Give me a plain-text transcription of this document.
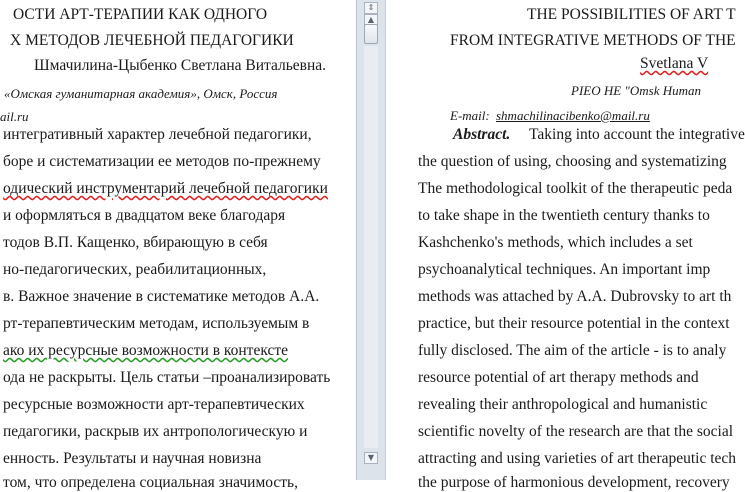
ОСТИ АРТ-ТЕРАПИИ КАК ОДНОГО
Х МЕТОДОВ ЛЕЧЕБНОЙ ПЕДАГОГИКИ
Шмачилина-Цыбенко Светлана Витальевна.
«Омская гуманитарная академия», Омск, Россия
ail.ru
интегративный характер лечебной педагогики,
боре и систематизации ее методов по-прежнему
одический инструментарий лечебной педагогики
и оформляться в двадцатом веке благодаря
тодов В.П. Кащенко, вбирающую в себя
но-педагогических, реабилитационных,
в. Важное значение в систематике методов А.А.
рт-терапевтическим методам, используемым в
ако их ресурсные возможности в контексте
ода не раскрыты. Цель статьи –проанализировать
ресурсные возможности арт-терапевтических
педагогики, раскрыв их антропологическую и
енность. Результаты и научная новизна
том, что определена социальная значимость,
⇕
▲
▼
THE POSSIBILITIES OF ART T
FROM INTEGRATIVE METHODS OF THE
Svetlana V
PIEO НЕ "Omsk Human
E-mail: shmachilinacibenko@mail.ru
Abstract. Taking into account the integrative
the question of using, choosing and systematizing
The methodological toolkit of the therapeutic peda
to take shape in the twentieth century thanks to
Kashchenko's methods, which includes a set
psychoanalytical techniques. An important imp
methods was attached by A.A. Dubrovsky to art th
practice, but their resource potential in the context
fully disclosed. The aim of the article - is to analy
resource potential of art therapy methods and
revealing their anthropological and humanistic
scientific novelty of the research are that the social
attracting and using varieties of art therapeutic tech
the purpose of harmonious development, recovery
